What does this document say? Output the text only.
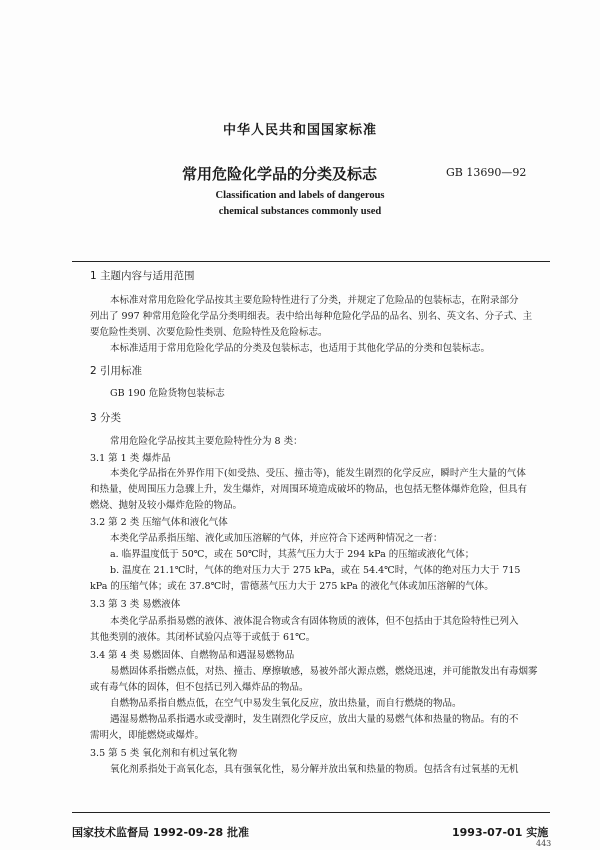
中华人民共和国国家标准
常用危险化学品的分类及标志	GB 13690—92
Classification and labels of dangerous
chemical substances commonly used
1 主题内容与适用范围
本标准对常用危险化学品按其主要危险特性进行了分类，并规定了危险品的包装标志，在附录部分
列出了 997 种常用危险化学品分类明细表。表中给出每种危险化学品的品名、别名、英文名、分子式、主
要危险性类别、次要危险性类别、危险特性及危险标志。
本标准适用于常用危险化学品的分类及包装标志，也适用于其他化学品的分类和包装标志。
2 引用标准
GB 190 危险货物包装标志
3 分类
常用危险化学品按其主要危险特性分为 8 类：
3.1 第 1 类 爆炸品
本类化学品指在外界作用下(如受热、受压、撞击等)，能发生剧烈的化学反应，瞬时产生大量的气体
和热量，使周围压力急骤上升，发生爆炸，对周围环境造成破坏的物品，也包括无整体爆炸危险，但具有
燃烧、抛射及较小爆炸危险的物品。
3.2 第 2 类 压缩气体和液化气体
本类化学品系指压缩、液化或加压溶解的气体，并应符合下述两种情况之一者：
a. 临界温度低于 50℃，或在 50℃时，其蒸气压力大于 294 kPa 的压缩或液化气体；
b. 温度在 21.1℃时，气体的绝对压力大于 275 kPa，或在 54.4℃时，气体的绝对压力大于 715
kPa 的压缩气体；或在 37.8℃时，雷德蒸气压力大于 275 kPa 的液化气体或加压溶解的气体。
3.3 第 3 类 易燃液体
本类化学品系指易燃的液体、液体混合物或含有固体物质的液体，但不包括由于其危险特性已列入
其他类别的液体。其闭杯试验闪点等于或低于 61℃。
3.4 第 4 类 易燃固体、自燃物品和遇湿易燃物品
易燃固体系指燃点低，对热、撞击、摩擦敏感，易被外部火源点燃，燃烧迅速，并可能散发出有毒烟雾
或有毒气体的固体，但不包括已列入爆炸品的物品。
自燃物品系指自燃点低，在空气中易发生氧化反应，放出热量，而自行燃烧的物品。
遇湿易燃物品系指遇水或受潮时，发生剧烈化学反应，放出大量的易燃气体和热量的物品。有的不
需明火，即能燃烧或爆炸。
3.5 第 5 类 氧化剂和有机过氧化物
氧化剂系指处于高氧化态，具有强氧化性，易分解并放出氧和热量的物质。包括含有过氧基的无机
国家技术监督局 1992-09-28 批准	1993-07-01 实施
443
